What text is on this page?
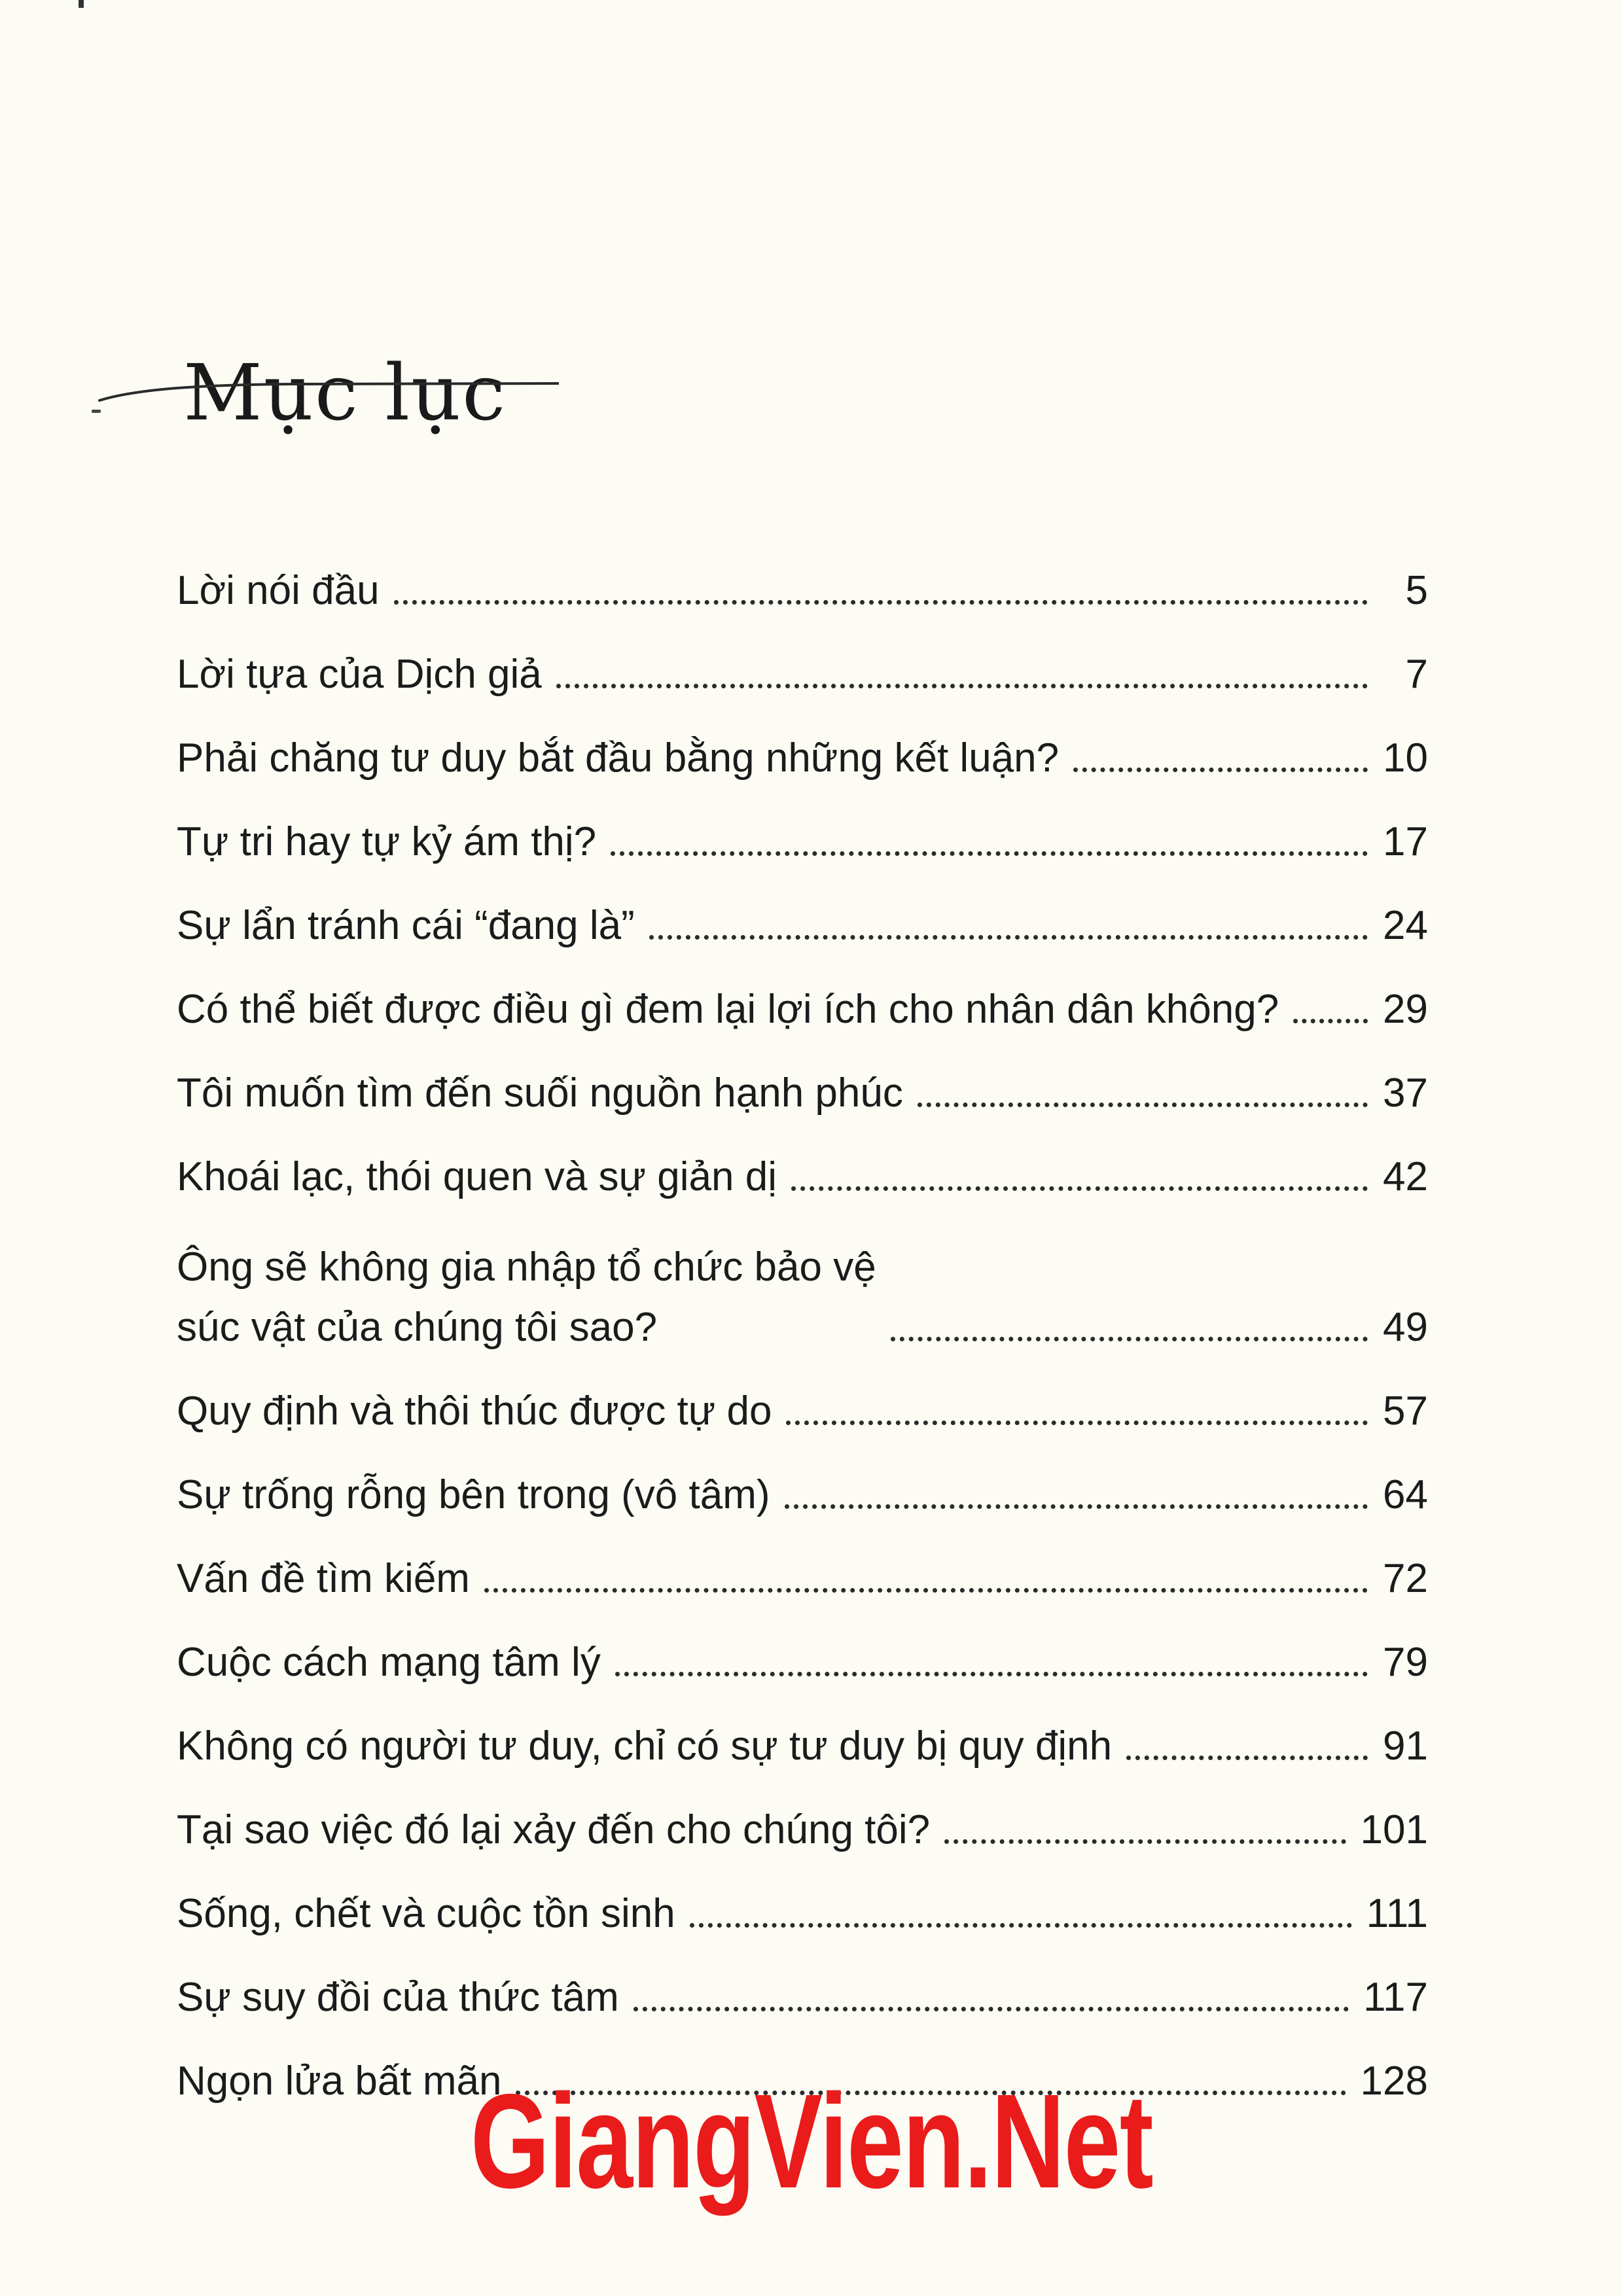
Mục lục
Lời nói đầu	5
Lời tựa của Dịch giả	7
Phải chăng tư duy bắt đầu bằng những kết luận?	10
Tự tri hay tự kỷ ám thị?	17
Sự lẩn tránh cái “đang là”	24
Có thể biết được điều gì đem lại lợi ích cho nhân dân không?	29
Tôi muốn tìm đến suối nguồn hạnh phúc	37
Khoái lạc, thói quen và sự giản dị	42
Ông sẽ không gia nhập tổ chức bảo vệ
súc vật của chúng tôi sao?	49
Quy định và thôi thúc được tự do	57
Sự trống rỗng bên trong (vô tâm)	64
Vấn đề tìm kiếm	72
Cuộc cách mạng tâm lý	79
Không có người tư duy, chỉ có sự tư duy bị quy định	91
Tại sao việc đó lại xảy đến cho chúng tôi?	101
Sống, chết và cuộc tồn sinh	111
Sự suy đồi của thức tâm	117
Ngọn lửa bất mãn	128
GiangVien.Net
